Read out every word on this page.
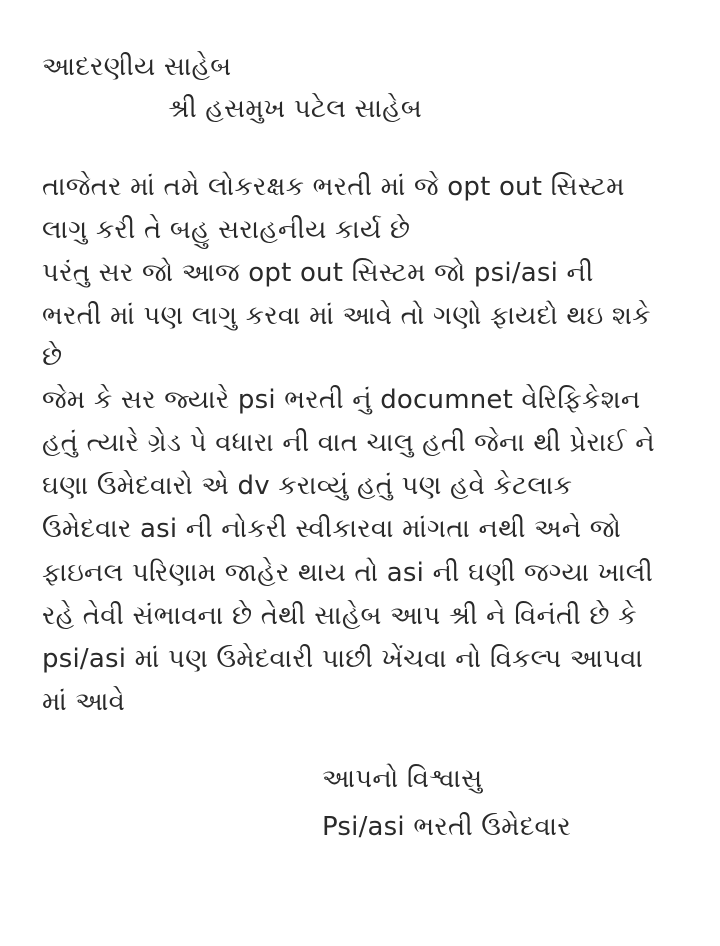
આદરણીય સાહેબ
શ્રી હસમુખ પટેલ સાહેબ
તાજેતર માં તમે લોકરક્ષક ભરતી માં જે opt out સિસ્ટમ
લાગુ કરી તે બહુ સરાહનીય કાર્ય છે
પરંતુ સર જો આજ opt out સિસ્ટમ જો psi/asi ની
ભરતી માં પણ લાગુ કરવા માં આવે તો ગણો ફાયદો થઇ શકે
છે
જેમ કે સર જ્યારે psi ભરતી નું documnet વેરિફિકેશન
હતું ત્યારે ગ્રેડ પે વધારા ની વાત ચાલુ હતી જેના થી પ્રેરાઈ ને
ઘણા ઉમેદવારો એ dv કરાવ્યું હતું પણ હવે કેટલાક
ઉમેદવાર asi ની નોકરી સ્વીકારવા માંગતા નથી અને જો
ફાઇનલ પરિણામ જાહેર થાય તો asi ની ઘણી જગ્યા ખાલી
રહે તેવી સંભાવના છે તેથી સાહેબ આપ શ્રી ને વિનંતી છે કે
psi/asi માં પણ ઉમેદવારી પાછી ખેંચવા નો વિકલ્પ આપવા
માં આવે
આપનો વિશ્વાસુ
Psi/asi ભરતી ઉમેદવાર
